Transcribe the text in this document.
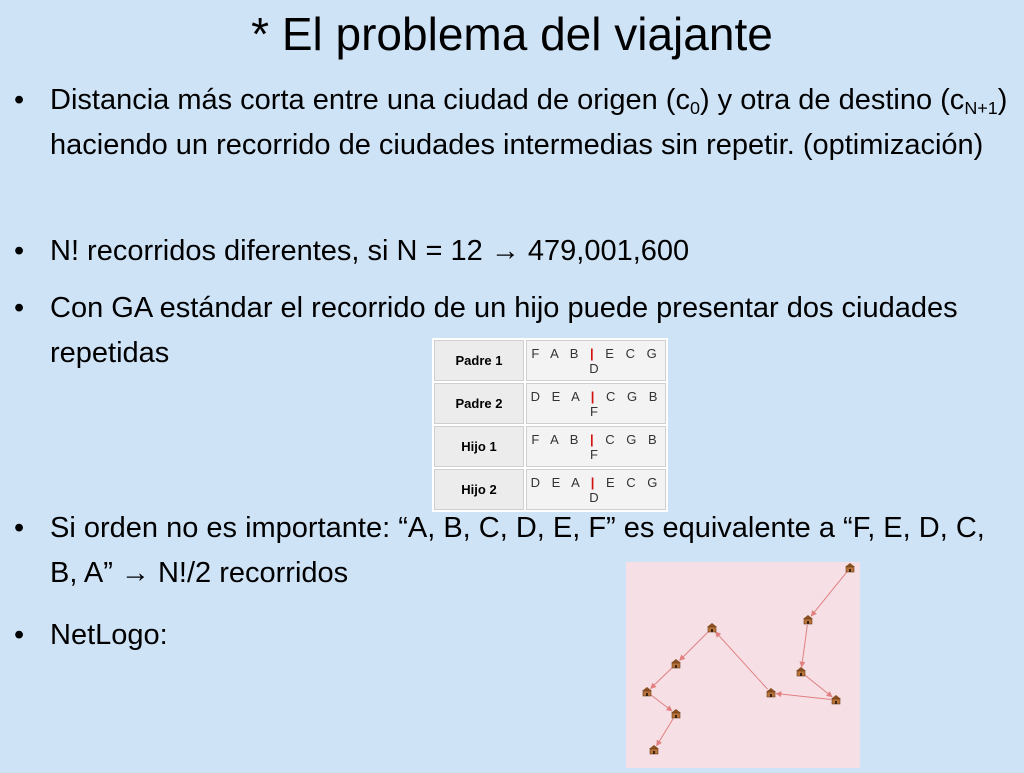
* El problema del viajante
• Distancia más corta entre una ciudad de origen $(c_0)$ y otra de destino $(c_{N+1})$ haciendo un recorrido de ciudades intermedias sin repetir. (optimización)
• N! recorridos diferentes, si N = 12 → 479,001,600
• Con GA estándar el recorrido de un hijo puede presentar dos ciudades repetidas
• Si orden no es importante: “A, B, C, D, E, F” es equivalente a “F, E, D, C, B, A” → N!/2 recorridos
• NetLogo:
Padre 1	F A B | E C G D
Padre 2	D E A | C G B F
Hijo 1	F A B | C G B F
Hijo 2	D E A | E C G D
